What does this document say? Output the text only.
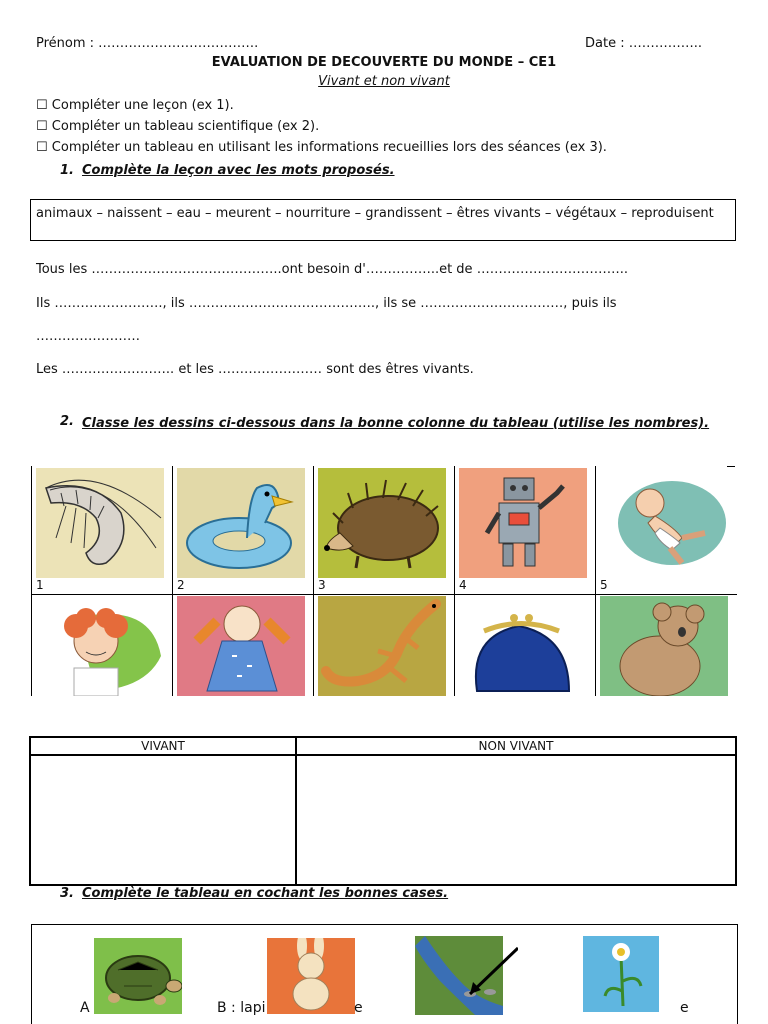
Prénom : ……………………………….	Date : ……………..
EVALUATION DE DECOUVERTE DU MONDE – CE1
Vivant et non vivant
☐ Compléter une leçon (ex 1).
☐ Compléter un tableau scientifique (ex 2).
☐ Compléter un tableau en utilisant les informations recueillies lors des séances (ex 3).
1. Complète la leçon avec les mots proposés.
animaux – naissent – eau – meurent – nourriture – grandissent – êtres vivants – végétaux – reproduisent
Tous les ……………………………………..ont besoin d'……………..et de ……………………………..
Ils ……………………., ils ……………………………………., ils se ……………………………, puis ils
……………………
Les …………………….. et les …………………… sont des êtres vivants.
2. Classe les dessins ci-dessous dans la bonne colonne du tableau (utilise les nombres).
1	2	3	4	5
VIVANT	NON VIVANT

3. Complète le tableau en cochant les bonnes cases.
A	B : lapi	e	e
